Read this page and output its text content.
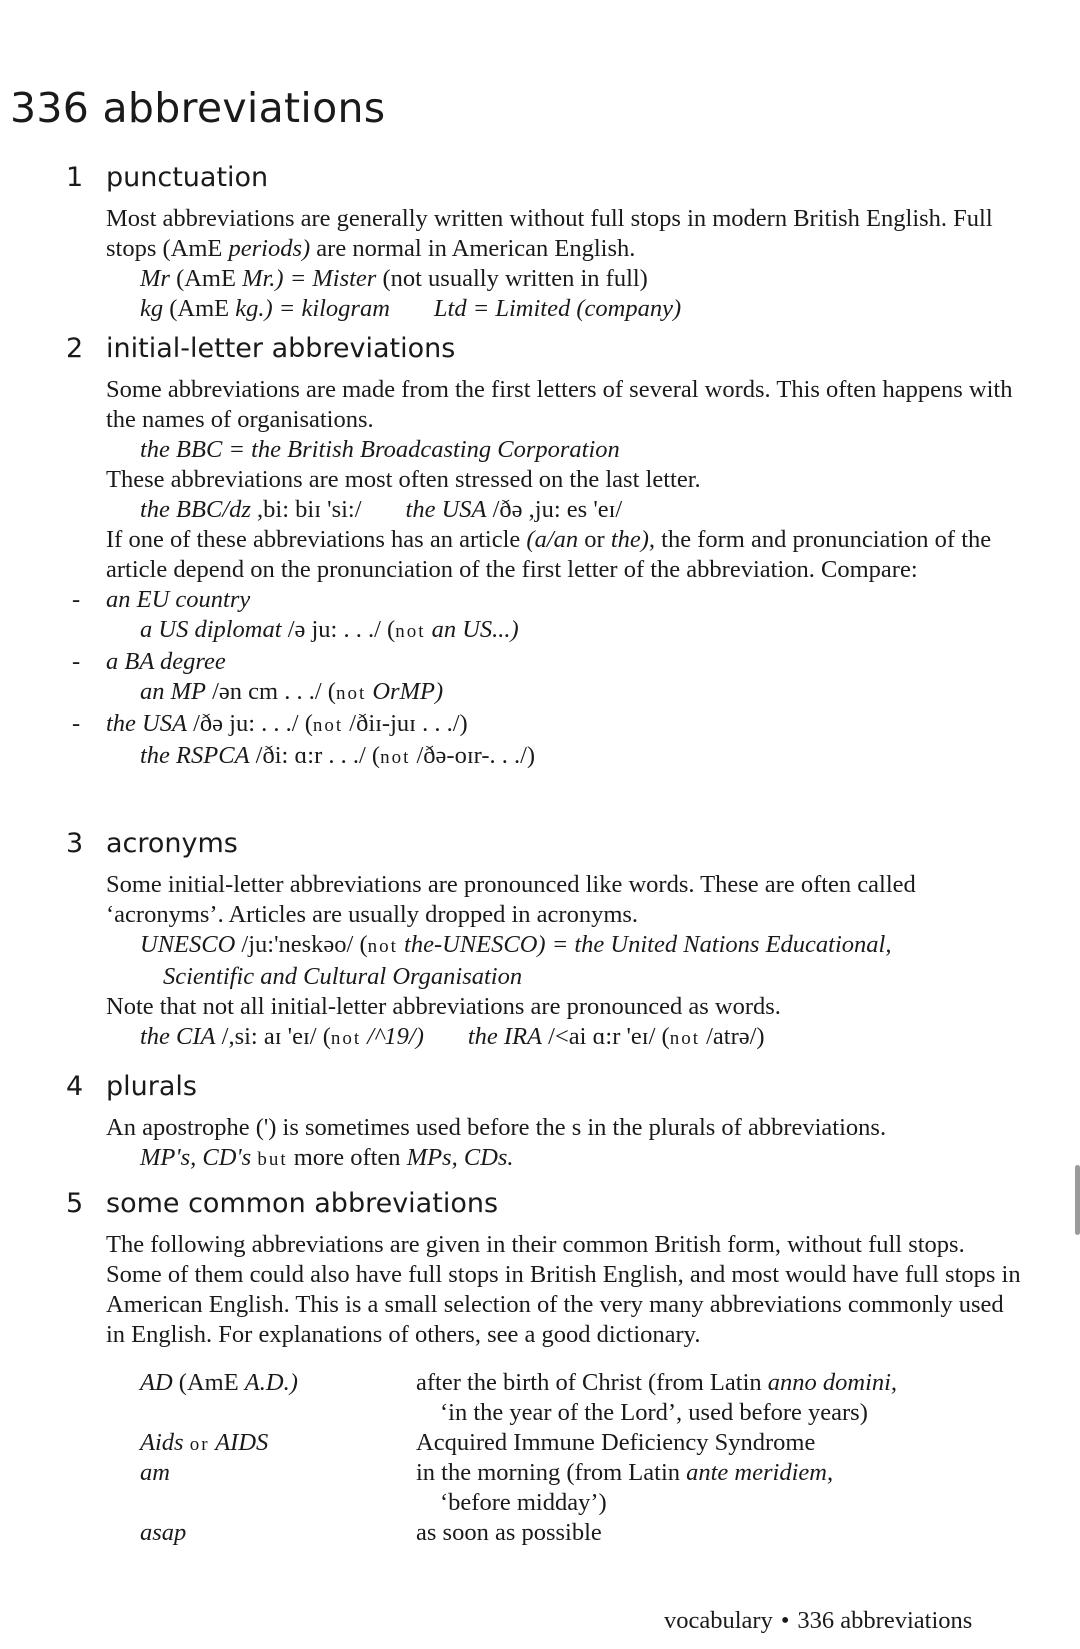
336 abbreviations
1 punctuation

Most abbreviations are generally written without full stops in modern British English. Full stops (AmE periods) are normal in American English.

Mr (AmE Mr.) = Mister (not usually written in full)

kg (AmE kg.) = kilogram Ltd = Limited (company)

2 initial-letter abbreviations

Some abbreviations are made from the first letters of several words. This often happens with the names of organisations.

the BBC = the British Broadcasting Corporation

These abbreviations are most often stressed on the last letter.

the BBC/dz ,bi: biɪ 'si:/ the USA /ðə ,ju: es 'eɪ/

If one of these abbreviations has an article (a/an or the), the form and pronunciation of the article depend on the pronunciation of the first letter of the abbreviation. Compare:

- an EU country

a US diplomat /ə ju: . . ./ (not an US...)

- a BA degree

an MP /ən cm . . ./ (not OrMP)

- the USA /ðə ju: . . ./ (not /ðiɪ-juɪ . . ./)

the RSPCA /ði: ɑ:r . . ./ (not /ðə-oɪr-. . ./)

3 acronyms

Some initial-letter abbreviations are pronounced like words. These are often called ‘acronyms’. Articles are usually dropped in acronyms.

UNESCO /ju:'neskəo/ (not the-UNESCO) = the United Nations Educational,

Scientific and Cultural Organisation

Note that not all initial-letter abbreviations are pronounced as words.

the CIA /,si: aɪ 'eɪ/ (not /^19/) the IRA /<ai ɑ:r 'eɪ/ (not /atrə/)

4 plurals

An apostrophe (') is sometimes used before the s in the plurals of abbreviations.

MP's, CD's but more often MPs, CDs.

5 some common abbreviations

The following abbreviations are given in their common British form, without full stops. Some of them could also have full stops in British English, and most would have full stops in American English. This is a small selection of the very many abbreviations commonly used in English. For explanations of others, see a good dictionary.

AD (AmE A.D.)	after the birth of Christ (from Latin anno domini,
‘in the year of the Lord’, used before years)
Aids or AIDS	Acquired Immune Deficiency Syndrome
am	in the morning (from Latin ante meridiem,
‘before midday’)
asap	as soon as possible
vocabulary • 336 abbreviations
